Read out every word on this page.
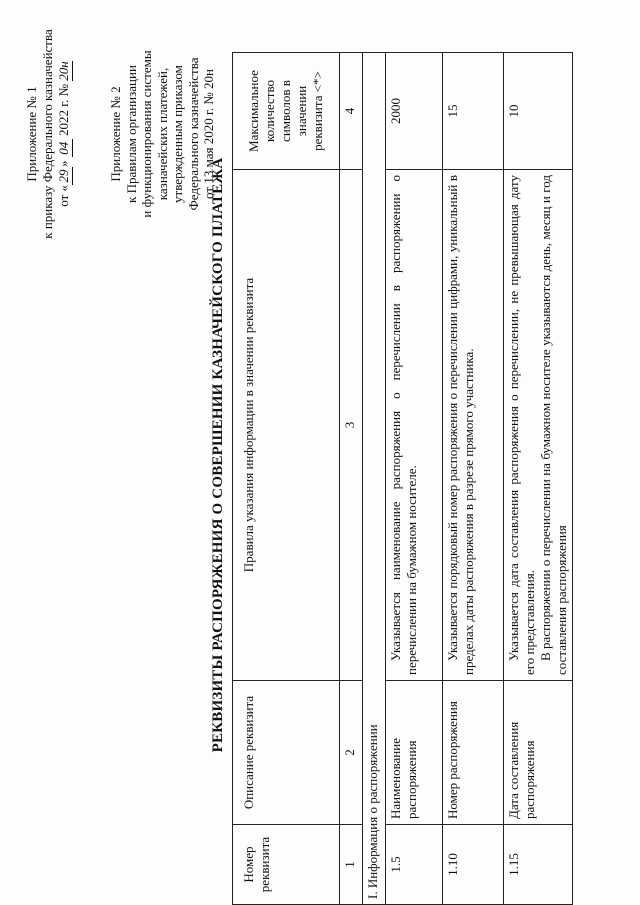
Приложение № 1 к приказу Федерального казначейства от «29» 04 2022 г. № 20н
Приложение № 2 к Правилам организации и функционирования системы казначейских платежей, утвержденным приказом Федерального казначейства от 13 мая 2020 г. № 20н
РЕКВИЗИТЫ РАСПОРЯЖЕНИЯ О СОВЕРШЕНИИ КАЗНАЧЕЙСКОГО ПЛАТЕЖА
Номер реквизита	Описание реквизита	Правила указания информации в значении реквизита	Максимальное количество символов в значении реквизита <*>
1	2	3	4
I. Информация о распоряжении			
1.5	Наименование распоряжения	Указывается наименование распоряжения о перечислении в распоряжении о перечислении на бумажном носителе.	2000
1.10	Номер распоряжения	Указывается порядковый номер распоряжения о перечислении цифрами, уникальный в пределах даты распоряжения в разрезе прямого участника.	15
1.15	Дата составления распоряжения	Указывается дата составления распоряжения о перечислении, не превышающая дату его представления. В распоряжении о перечислении на бумажном носителе указываются день, месяц и год составления распоряжения	10
